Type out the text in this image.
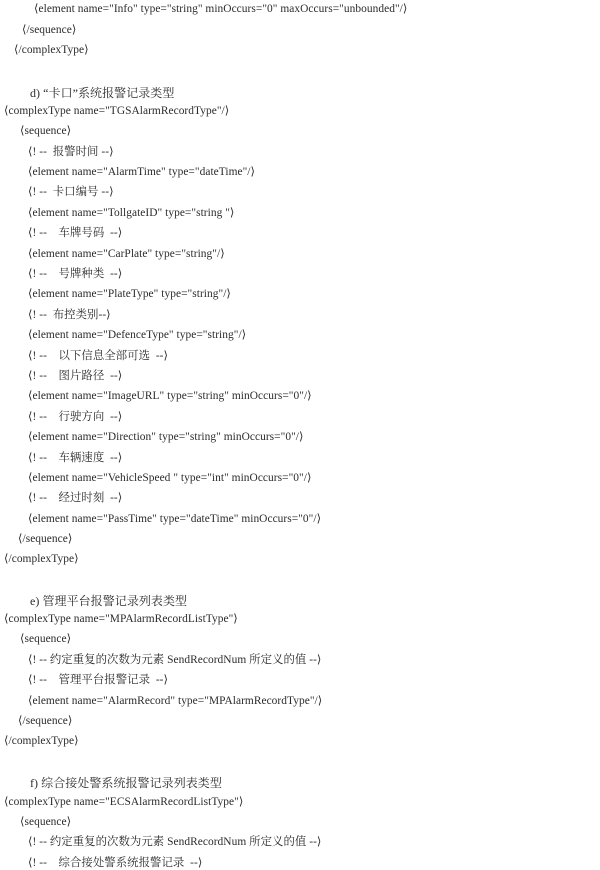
⟨element name="Info" type="string" minOccurs="0" maxOccurs="unbounded"/⟩
⟨/sequence⟩
⟨/complexType⟩
d) “卡口”系统报警记录类型
⟨complexType name="TGSAlarmRecordType"/⟩
⟨sequence⟩
⟨! --  报警时间 --⟩
⟨element name="AlarmTime" type="dateTime"/⟩
⟨! --  卡口编号 --⟩
⟨element name="TollgateID" type="string "⟩
⟨! --    车牌号码  --⟩
⟨element name="CarPlate" type="string"/⟩
⟨! --    号牌种类  --⟩
⟨element name="PlateType" type="string"/⟩
⟨! --  布控类别--⟩
⟨element name="DefenceType" type="string"/⟩
⟨! --    以下信息全部可选  --⟩
⟨! --    图片路径  --⟩
⟨element name="ImageURL" type="string" minOccurs="0"/⟩
⟨! --    行驶方向  --⟩
⟨element name="Direction" type="string" minOccurs="0"/⟩
⟨! --    车辆速度  --⟩
⟨element name="VehicleSpeed " type="int" minOccurs="0"/⟩
⟨! --    经过时刻  --⟩
⟨element name="PassTime" type="dateTime" minOccurs="0"/⟩
⟨/sequence⟩
⟨/complexType⟩
e) 管理平台报警记录列表类型
⟨complexType name="MPAlarmRecordListType"⟩
⟨sequence⟩
⟨! -- 约定重复的次数为元素 SendRecordNum 所定义的值 --⟩
⟨! --    管理平台报警记录  --⟩
⟨element name="AlarmRecord" type="MPAlarmRecordType"/⟩
⟨/sequence⟩
⟨/complexType⟩
f) 综合接处警系统报警记录列表类型
⟨complexType name="ECSAlarmRecordListType"⟩
⟨sequence⟩
⟨! -- 约定重复的次数为元素 SendRecordNum 所定义的值 --⟩
⟨! --    综合接处警系统报警记录  --⟩
